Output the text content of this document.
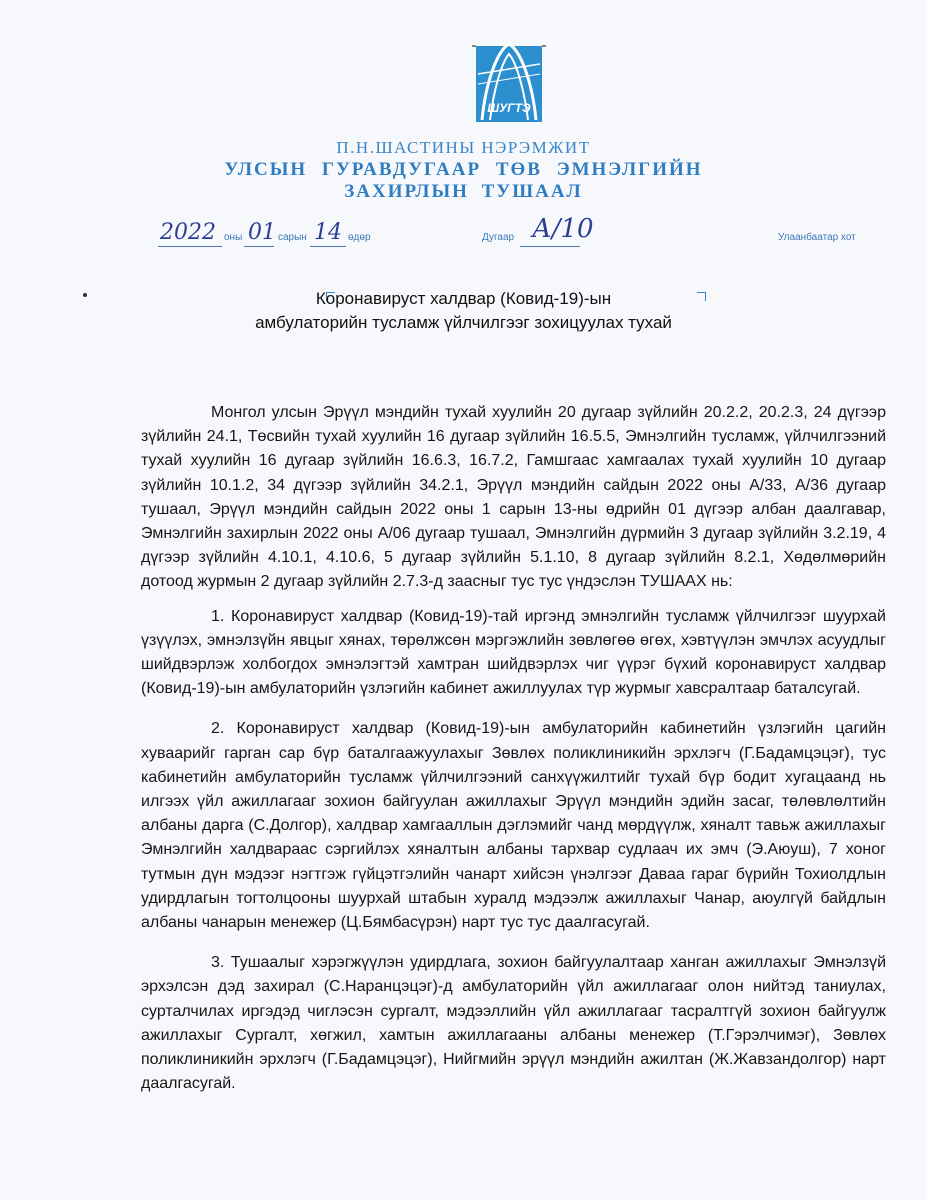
ШУГТЭ
П.Н.ШАСТИНЫ НЭРЭМЖИТ
УЛСЫН ГУРАВДУГААР ТӨВ ЭМНЭЛГИЙН
ЗАХИРЛЫН ТУШААЛ
2022 оны 01 сарын 14 өдөр	Дугаар А/10	Улаанбаатар хот
Коронавируст халдвар (Ковид-19)-ын
амбулаторийн тусламж үйлчилгээг зохицуулах тухай

Монгол улсын Эрүүл мэндийн тухай хуулийн 20 дугаар зүйлийн 20.2.2, 20.2.3, 24 дүгээр зүйлийн 24.1, Төсвийн тухай хуулийн 16 дугаар зүйлийн 16.5.5, Эмнэлгийн тусламж, үйлчилгээний тухай хуулийн 16 дугаар зүйлийн 16.6.3, 16.7.2, Гамшгаас хамгаалах тухай хуулийн 10 дугаар зүйлийн 10.1.2, 34 дүгээр зүйлийн 34.2.1, Эрүүл мэндийн сайдын 2022 оны А/33, А/36 дугаар тушаал, Эрүүл мэндийн сайдын 2022 оны 1 сарын 13-ны өдрийн 01 дүгээр албан даалгавар, Эмнэлгийн захирлын 2022 оны А/06 дугаар тушаал, Эмнэлгийн дүрмийн 3 дугаар зүйлийн 3.2.19, 4 дүгээр зүйлийн 4.10.1, 4.10.6, 5 дугаар зүйлийн 5.1.10, 8 дугаар зүйлийн 8.2.1, Хөдөлмөрийн дотоод журмын 2 дугаар зүйлийн 2.7.3-д заасныг тус тус үндэслэн ТУШААХ нь:

1. Коронавируст халдвар (Ковид-19)-тай иргэнд эмнэлгийн тусламж үйлчилгээг шуурхай үзүүлэх, эмнэлзүйн явцыг хянах, төрөлжсөн мэргэжлийн зөвлөгөө өгөх, хэвтүүлэн эмчлэх асуудлыг шийдвэрлэж холбогдох эмнэлэгтэй хамтран шийдвэрлэх чиг үүрэг бүхий коронавируст халдвар (Ковид-19)-ын амбулаторийн үзлэгийн кабинет ажиллуулах түр журмыг хавсралтаар баталсугай.

2. Коронавируст халдвар (Ковид-19)-ын амбулаторийн кабинетийн үзлэгийн цагийн хуваарийг гарган сар бүр баталгаажуулахыг Зөвлөх поликлиникийн эрхлэгч (Г.Бадамцэцэг), тус кабинетийн амбулаторийн тусламж үйлчилгээний санхүүжилтийг тухай бүр бодит хугацаанд нь илгээх үйл ажиллагааг зохион байгуулан ажиллахыг Эрүүл мэндийн эдийн засаг, төлөвлөлтийн албаны дарга (С.Долгор), халдвар хамгааллын дэглэмийг чанд мөрдүүлж, хяналт тавьж ажиллахыг Эмнэлгийн халдвараас сэргийлэх хяналтын албаны тархвар судлаач их эмч (Э.Аюуш), 7 хоног тутмын дүн мэдээг нэгтгэж гүйцэтгэлийн чанарт хийсэн үнэлгээг Даваа гараг бүрийн Тохиолдлын удирдлагын тогтолцооны шуурхай штабын хуралд мэдээлж ажиллахыг Чанар, аюулгүй байдлын албаны чанарын менежер (Ц.Бямбасүрэн) нарт тус тус даалгасугай.

3. Тушаалыг хэрэгжүүлэн удирдлага, зохион байгуулалтаар ханган ажиллахыг Эмнэлзүй эрхэлсэн дэд захирал (С.Наранцэцэг)-д амбулаторийн үйл ажиллагааг олон нийтэд таниулах, сурталчилах иргэдэд чиглэсэн сургалт, мэдээллийн үйл ажиллагааг тасралтгүй зохион байгуулж ажиллахыг Сургалт, хөгжил, хамтын ажиллагааны албаны менежер (Т.Гэрэлчимэг), Зөвлөх поликлиникийн эрхлэгч (Г.Бадамцэцэг), Нийгмийн эрүүл мэндийн ажилтан (Ж.Жавзандолгор) нарт даалгасугай.
